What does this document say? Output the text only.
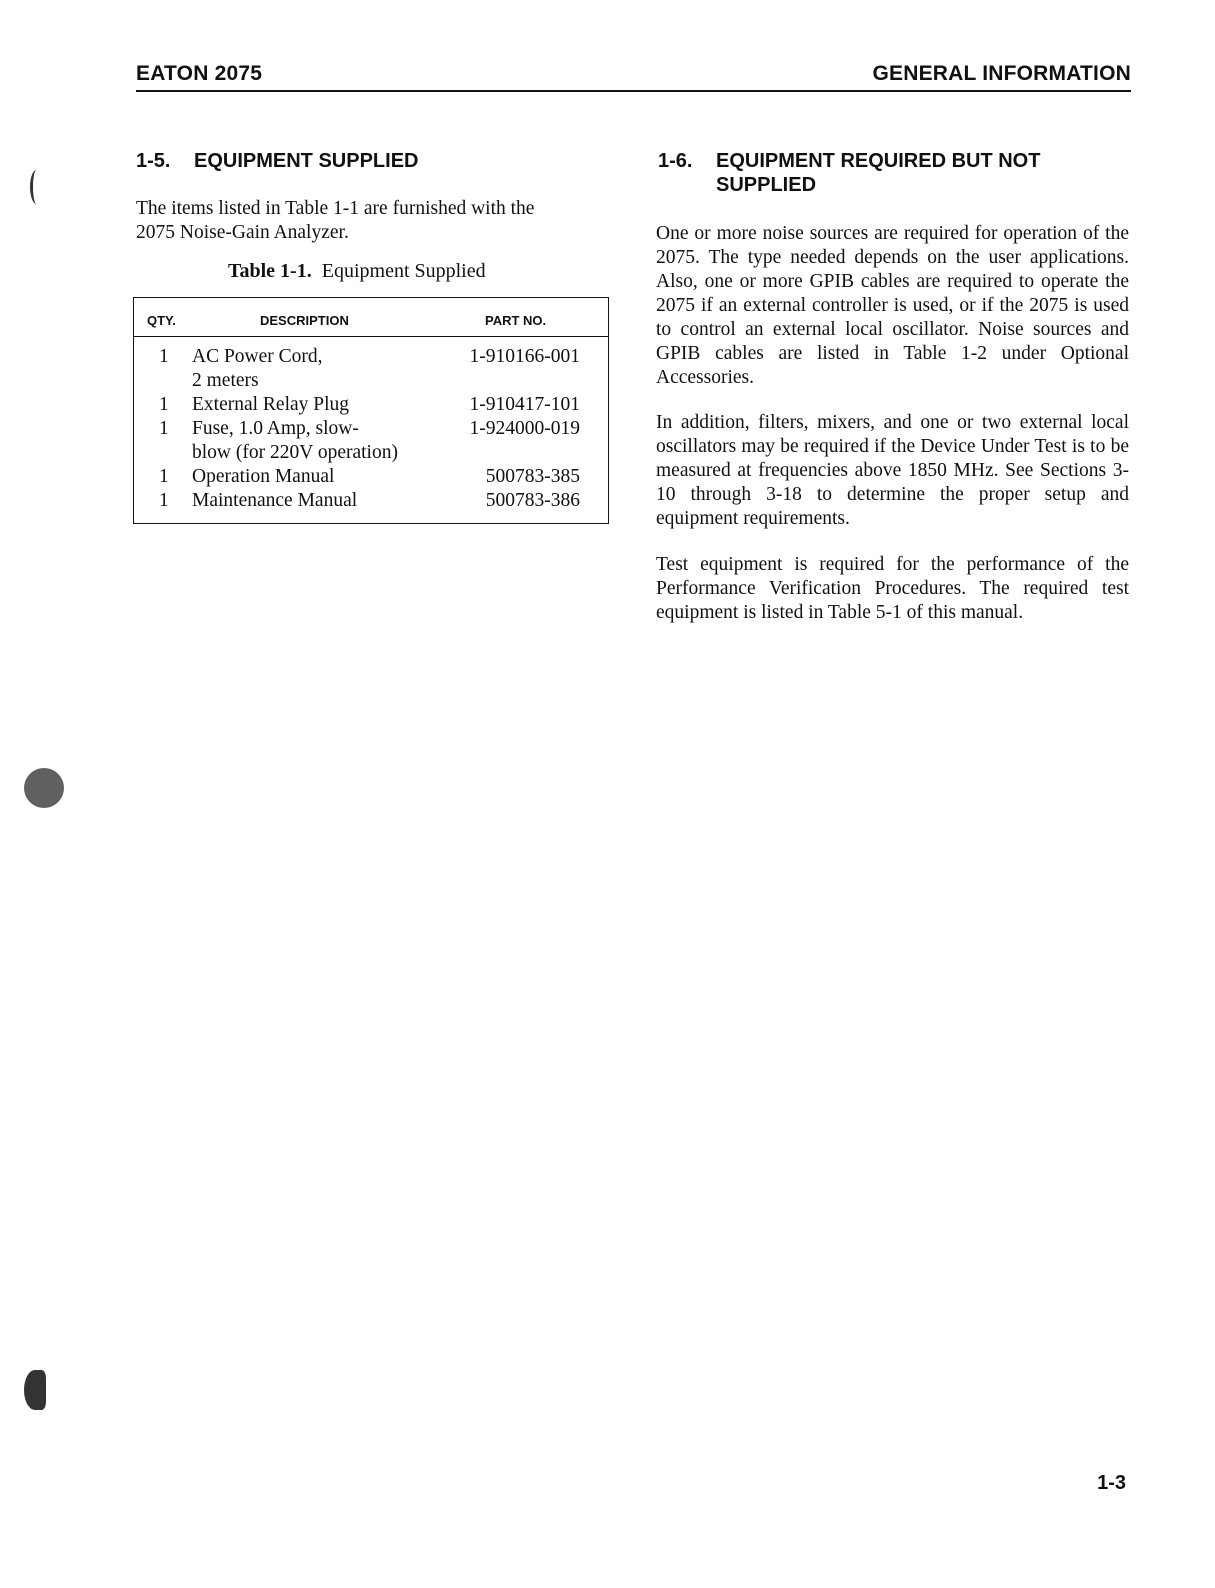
EATON 2075	GENERAL INFORMATION
1-5. EQUIPMENT SUPPLIED
The items listed in Table 1-1 are furnished with the
2075 Noise-Gain Analyzer.
Table 1-1. Equipment Supplied
QTY.	DESCRIPTION	PART NO.
1 AC Power Cord,	1-910166-001
2 meters
1 External Relay Plug	1-910417-101
1 Fuse, 1.0 Amp, slow-	1-924000-019
blow (for 220V operation)
1 Operation Manual	500783-385
1 Maintenance Manual	500783-386
1-6. EQUIPMENT REQUIRED BUT NOT
SUPPLIED
One or more noise sources are required for operation of the 2075. The type needed depends on the user applications. Also, one or more GPIB cables are required to operate the 2075 if an external controller is used, or if the 2075 is used to control an external local oscillator. Noise sources and GPIB cables are listed in Table 1-2 under Optional Accessories.
In addition, filters, mixers, and one or two external local oscillators may be required if the Device Under Test is to be measured at frequencies above 1850 MHz. See Sections 3-10 through 3-18 to determine the proper setup and equipment requirements.
Test equipment is required for the performance of the Performance Verification Procedures. The required test equipment is listed in Table 5-1 of this manual.
1-3
